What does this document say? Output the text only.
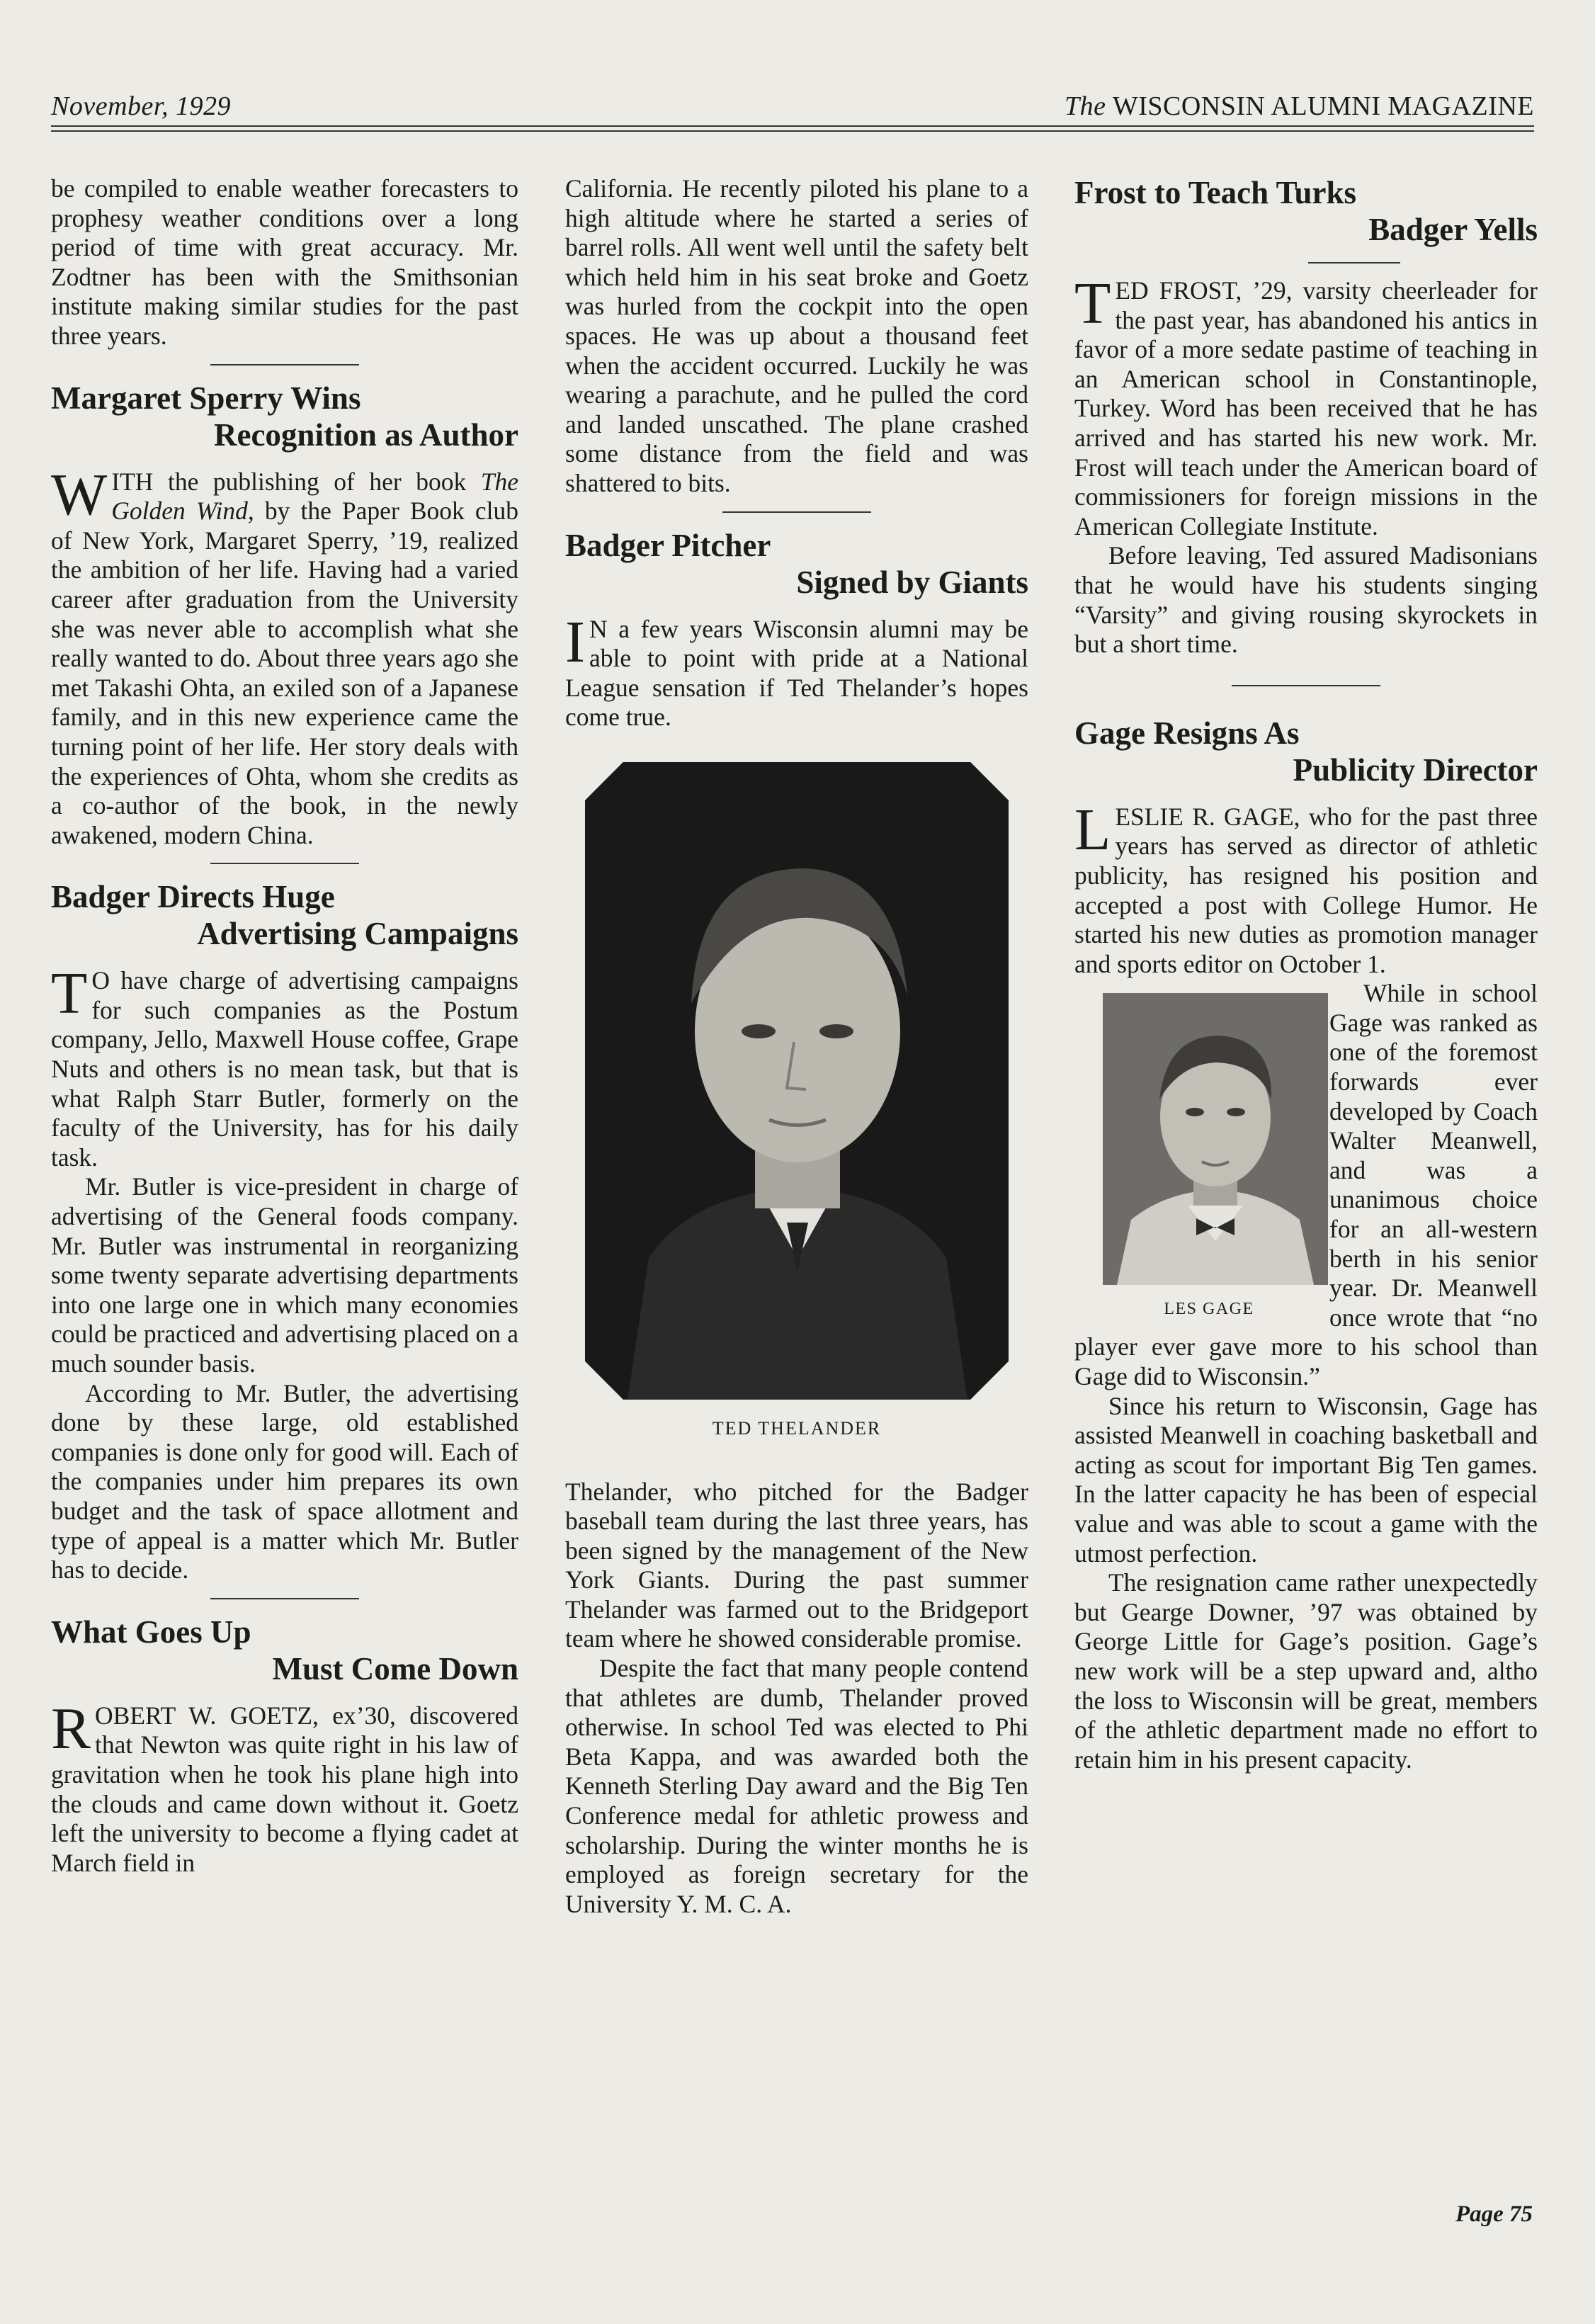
November, 1929	The WISCONSIN ALUMNI MAGAZINE

be compiled to enable weather forecasters to prophesy weather conditions over a long period of time with great accuracy. Mr. Zodtner has been with the Smithsonian institute making similar studies for the past three years.

Margaret Sperry Wins
Recognition as Author

WITH the publishing of her book The Golden Wind, by the Paper Book club of New York, Margaret Sperry, ’19, realized the ambition of her life. Having had a varied career after graduation from the University she was never able to accomplish what she really wanted to do. About three years ago she met Takashi Ohta, an exiled son of a Japanese family, and in this new experience came the turning point of her life. Her story deals with the experiences of Ohta, whom she credits as a co-author of the book, in the newly awakened, modern China.

Badger Directs Huge
Advertising Campaigns

T O have charge of advertising campaigns for such companies as the Postum company, Jello, Maxwell House coffee, Grape Nuts and others is no mean task, but that is what Ralph Starr Butler, formerly on the faculty of the University, has for his daily task.

Mr. Butler is vice-president in charge of advertising of the General foods company. Mr. Butler was instrumental in reorganizing some twenty separate advertising departments into one large one in which many economies could be practiced and advertising placed on a much sounder basis.

According to Mr. Butler, the advertising done by these large, old established companies is done only for good will. Each of the companies under him prepares its own budget and the task of space allotment and type of appeal is a matter which Mr. Butler has to decide.

What Goes Up
Must Come Down

ROBERT W. GOETZ, ex’30, discovered that Newton was quite right in his law of gravitation when he took his plane high into the clouds and came down without it. Goetz left the university to become a flying cadet at March field in

California. He recently piloted his plane to a high altitude where he started a series of barrel rolls. All went well until the safety belt which held him in his seat broke and Goetz was hurled from the cockpit into the open spaces. He was up about a thousand feet when the accident occurred. Luckily he was wearing a parachute, and he pulled the cord and landed unscathed. The plane crashed some distance from the field and was shattered to bits.

Badger Pitcher
Signed by Giants

I N a few years Wisconsin alumni may be able to point with pride at a National League sensation if Ted Thelander’s hopes come true.

TED THELANDER

Thelander, who pitched for the Badger baseball team during the last three years, has been signed by the management of the New York Giants. During the past summer Thelander was farmed out to the Bridgeport team where he showed considerable promise.

Despite the fact that many people contend that athletes are dumb, Thelander proved otherwise. In school Ted was elected to Phi Beta Kappa, and was awarded both the Kenneth Sterling Day award and the Big Ten Conference medal for athletic prowess and scholarship. During the winter months he is employed as foreign secretary for the University Y. M. C. A.

Frost to Teach Turks
Badger Yells

TED FROST, ’29, varsity cheerleader for the past year, has abandoned his antics in favor of a more sedate pastime of teaching in an American school in Constantinople, Turkey. Word has been received that he has arrived and has started his new work. Mr. Frost will teach under the American board of commissioners for foreign missions in the American Collegiate Institute.

Before leaving, Ted assured Madisonians that he would have his students singing “Varsity” and giving rousing skyrockets in but a short time.

Gage Resigns As
Publicity Director

LESLIE R. GAGE, who for the past three years has served as director of athletic publicity, has resigned his position and accepted a post with College Humor. He started his new duties as promotion manager and sports editor on October 1.

LES GAGE

While in school Gage was ranked as one of the foremost forwards ever developed by Coach Walter Meanwell, and was a unanimous choice for an all-western berth in his senior year. Dr. Meanwell once wrote that “no player ever gave more to his school than Gage did to Wisconsin.”

Since his return to Wisconsin, Gage has assisted Meanwell in coaching basketball and acting as scout for important Big Ten games. In the latter capacity he has been of especial value and was able to scout a game with the utmost perfection.

The resignation came rather unexpectedly but Gearge Downer, ’97 was obtained by George Little for Gage’s position. Gage’s new work will be a step upward and, altho the loss to Wisconsin will be great, members of the athletic department made no effort to retain him in his present capacity.

Page 75
